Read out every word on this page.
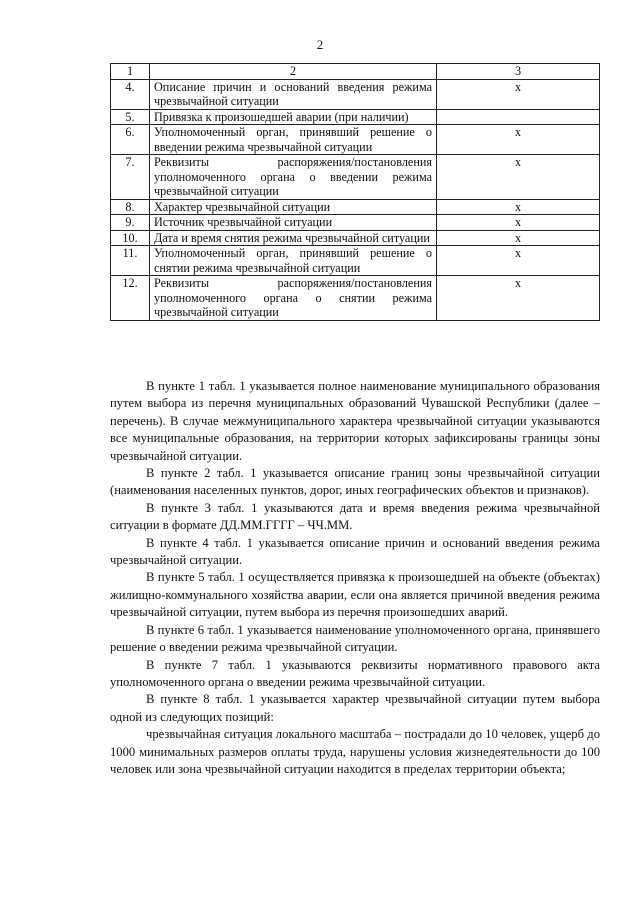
2
1	2	3
4.	Описание причин и оснований введения режима чрезвычайной ситуации	x
5.	Привязка к произошедшей аварии (при наличии)	
6.	Уполномоченный орган, принявший решение о введении режима чрезвычайной ситуации	x
7.	Реквизиты распоряжения/постановления уполномоченного органа о введении режима чрезвычайной ситуации	x
8.	Характер чрезвычайной ситуации	x
9.	Источник чрезвычайной ситуации	x
10.	Дата и время снятия режима чрезвычайной ситуации	x
11.	Уполномоченный орган, принявший решение о снятии режима чрезвычайной ситуации	x
12.	Реквизиты распоряжения/постановления уполномоченного органа о снятии режима чрезвычайной ситуации	x

В пункте 1 табл. 1 указывается полное наименование муниципального образования путем выбора из перечня муниципальных образований Чувашской Республики (далее – перечень). В случае межмуниципального характера чрезвычайной ситуации указываются все муниципальные образования, на территории которых зафиксированы границы зоны чрезвычайной ситуации.

В пункте 2 табл. 1 указывается описание границ зоны чрезвычайной ситуации (наименования населенных пунктов, дорог, иных географических объектов и признаков).

В пункте 3 табл. 1 указываются дата и время введения режима чрезвычайной ситуации в формате ДД.ММ.ГГГГ – ЧЧ.ММ.

В пункте 4 табл. 1 указывается описание причин и оснований введения режима чрезвычайной ситуации.

В пункте 5 табл. 1 осуществляется привязка к произошедшей на объекте (объектах) жилищно-коммунального хозяйства аварии, если она является причиной введения режима чрезвычайной ситуации, путем выбора из перечня произошедших аварий.

В пункте 6 табл. 1 указывается наименование уполномоченного органа, принявшего решение о введении режима чрезвычайной ситуации.

В пункте 7 табл. 1 указываются реквизиты нормативного правового акта уполномоченного органа о введении режима чрезвычайной ситуации.

В пункте 8 табл. 1 указывается характер чрезвычайной ситуации путем выбора одной из следующих позиций:

чрезвычайная ситуация локального масштаба – пострадали до 10 человек, ущерб до 1000 минимальных размеров оплаты труда, нарушены условия жизнедеятельности до 100 человек или зона чрезвычайной ситуации находится в пределах территории объекта;
